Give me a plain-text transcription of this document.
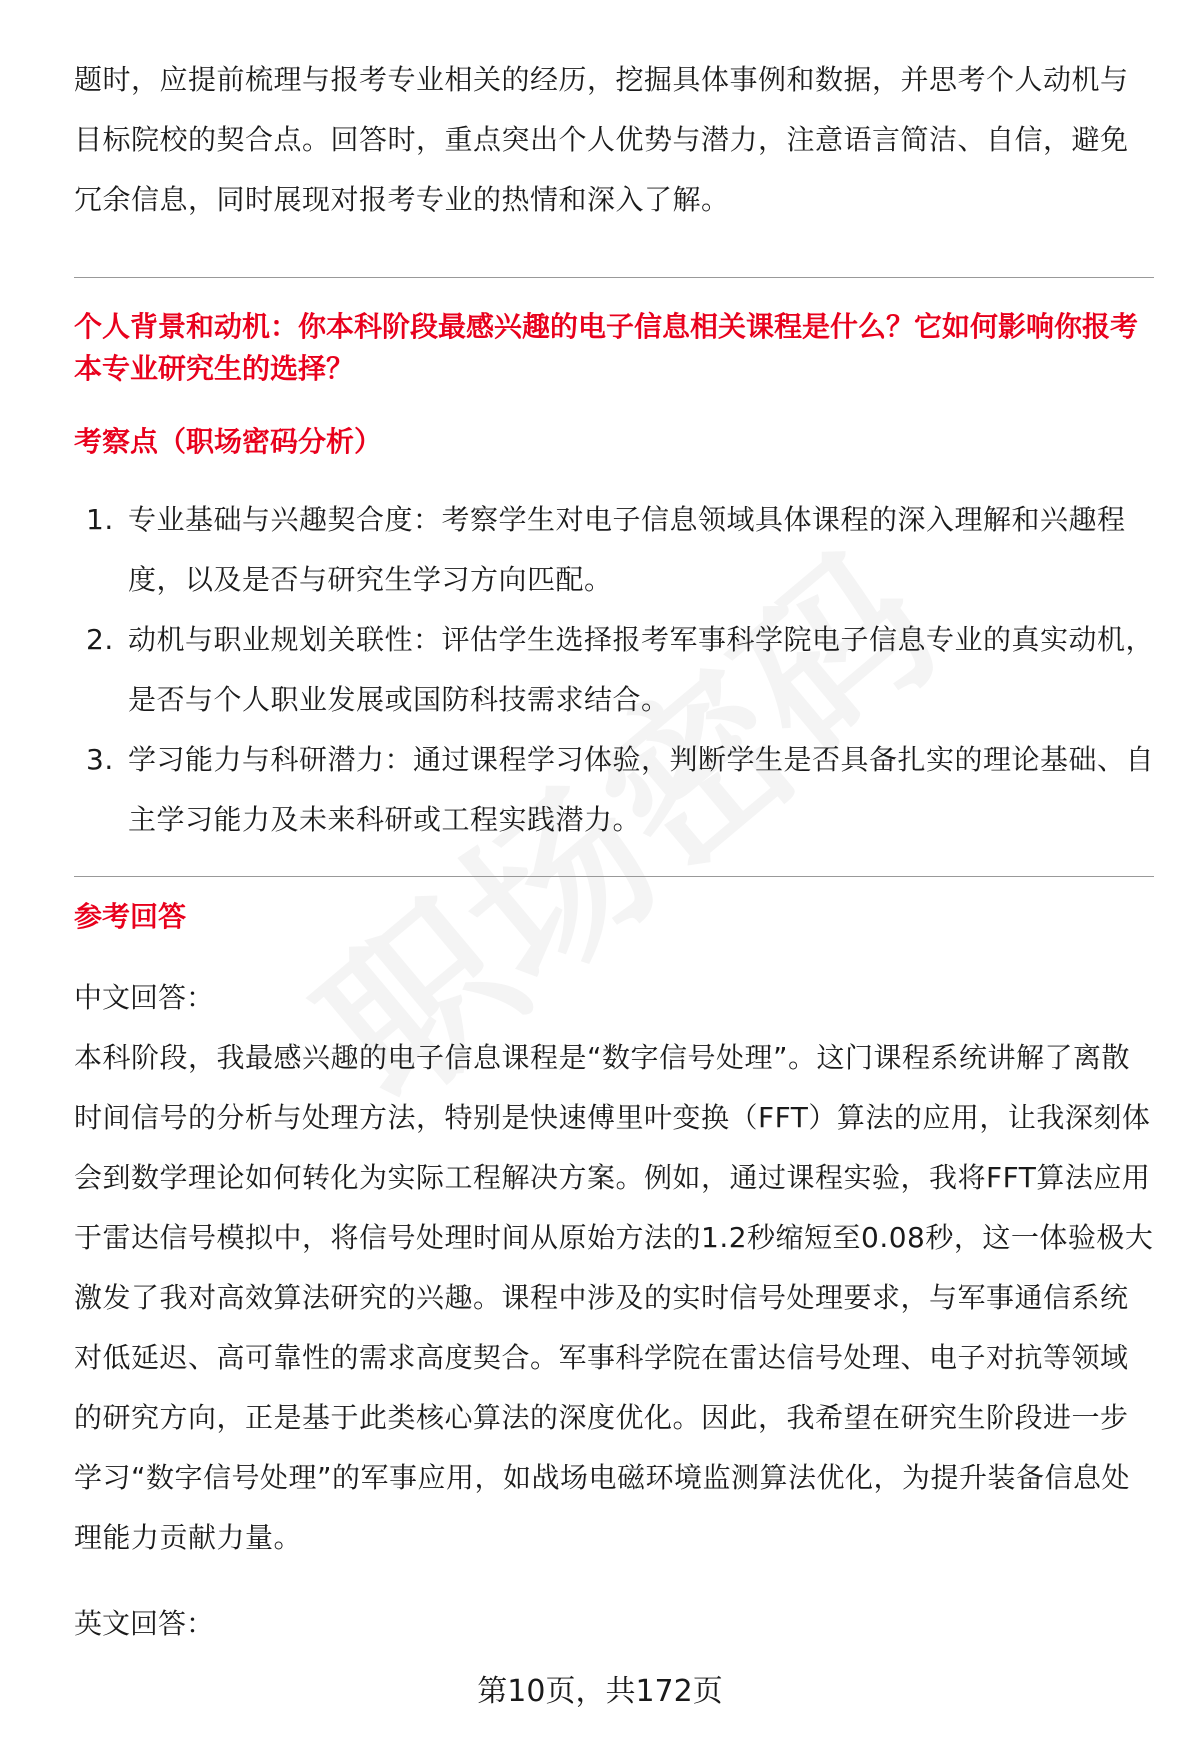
题时，应提前梳理与报考专业相关的经历，挖掘具体事例和数据，并思考个人动机与目标院校的契合点。回答时，重点突出个人优势与潜力，注意语言简洁、自信，避免冗余信息，同时展现对报考专业的热情和深入了解。

个人背景和动机：你本科阶段最感兴趣的电子信息相关课程是什么？它如何影响你报考本专业研究生的选择？
考察点（职场密码分析）
1. 专业基础与兴趣契合度：考察学生对电子信息领域具体课程的深入理解和兴趣程度，以及是否与研究生学习方向匹配。
2. 动机与职业规划关联性：评估学生选择报考军事科学院电子信息专业的真实动机，是否与个人职业发展或国防科技需求结合。
3. 学习能力与科研潜力：通过课程学习体验，判断学生是否具备扎实的理论基础、自主学习能力及未来科研或工程实践潜力。
参考回答

中文回答：

本科阶段，我最感兴趣的电子信息课程是“数字信号处理”。这门课程系统讲解了离散时间信号的分析与处理方法，特别是快速傅里叶变换（FFT）算法的应用，让我深刻体会到数学理论如何转化为实际工程解决方案。例如，通过课程实验，我将FFT算法应用于雷达信号模拟中，将信号处理时间从原始方法的1.2秒缩短至0.08秒，这一体验极大激发了我对高效算法研究的兴趣。课程中涉及的实时信号处理要求，与军事通信系统对低延迟、高可靠性的需求高度契合。军事科学院在雷达信号处理、电子对抗等领域的研究方向，正是基于此类核心算法的深度优化。因此，我希望在研究生阶段进一步学习“数字信号处理”的军事应用，如战场电磁环境监测算法优化，为提升装备信息处理能力贡献力量。

英文回答：

第10页，共172页
